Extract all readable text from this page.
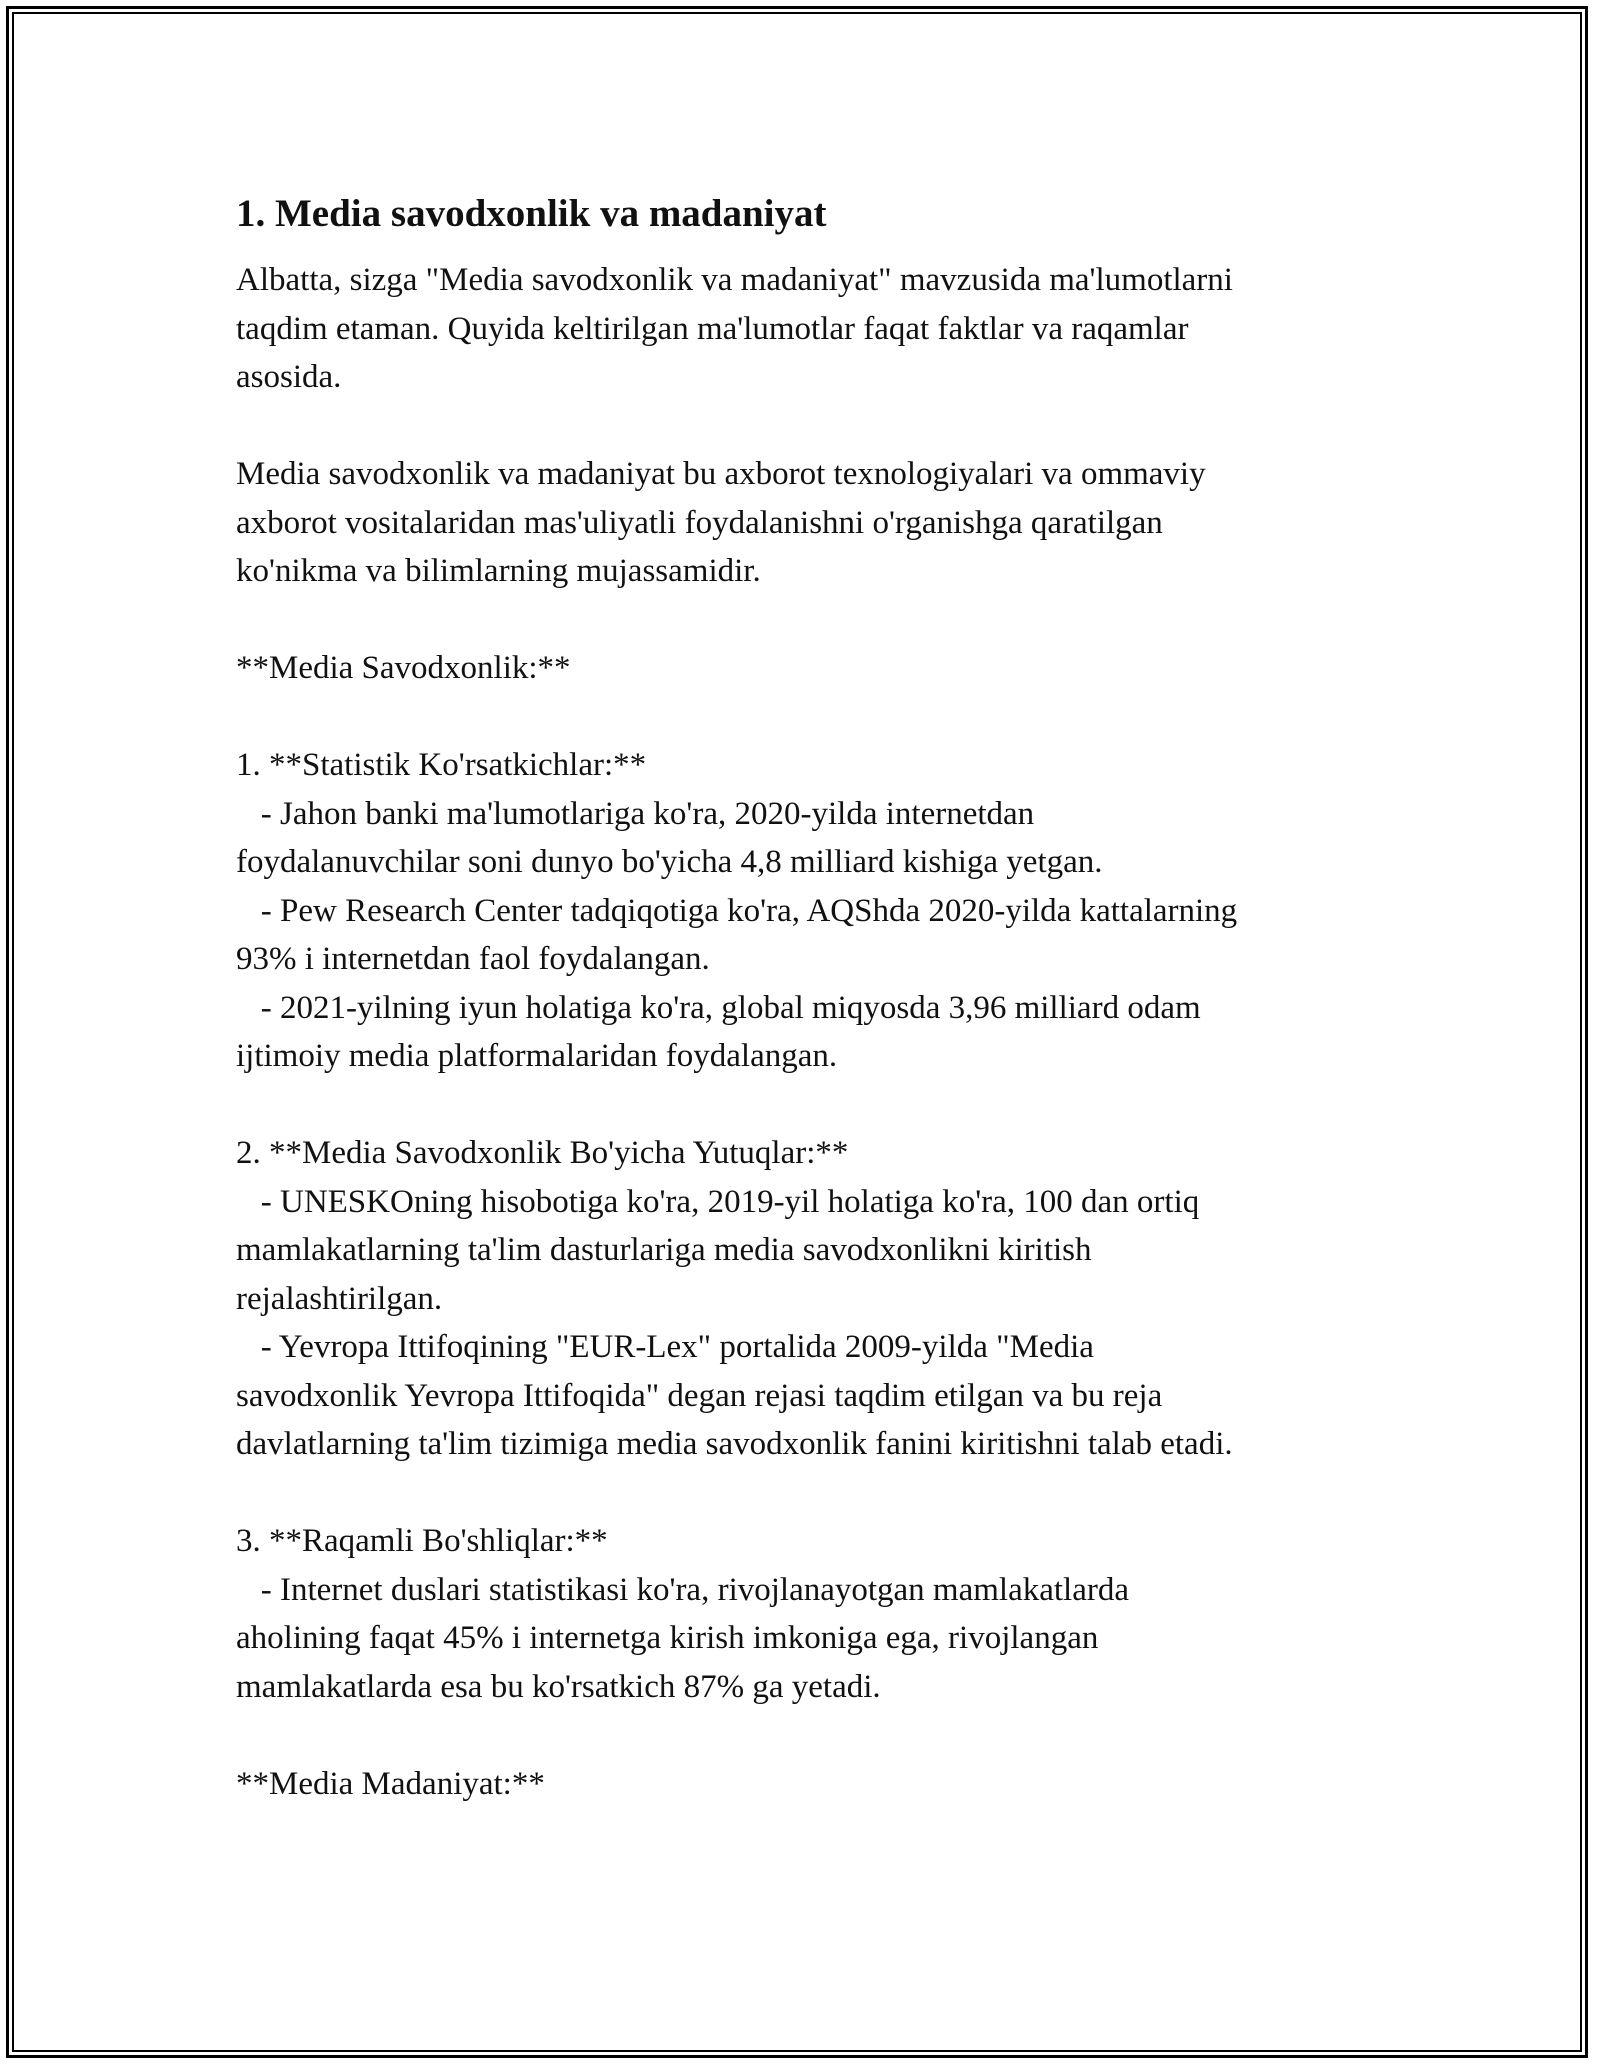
1. Media savodxonlik va madaniyat

Albatta, sizga "Media savodxonlik va madaniyat" mavzusida ma'lumotlarni
taqdim etaman. Quyida keltirilgan ma'lumotlar faqat faktlar va raqamlar
asosida.

Media savodxonlik va madaniyat bu axborot texnologiyalari va ommaviy
axborot vositalaridan mas'uliyatli foydalanishni o'rganishga qaratilgan
ko'nikma va bilimlarning mujassamidir.

**Media Savodxonlik:**

1. **Statistik Ko'rsatkichlar:**

- Jahon banki ma'lumotlariga ko'ra, 2020-yilda internetdan
foydalanuvchilar soni dunyo bo'yicha 4,8 milliard kishiga yetgan.

- Pew Research Center tadqiqotiga ko'ra, AQShda 2020-yilda kattalarning
93% i internetdan faol foydalangan.

- 2021-yilning iyun holatiga ko'ra, global miqyosda 3,96 milliard odam
ijtimoiy media platformalaridan foydalangan.

2. **Media Savodxonlik Bo'yicha Yutuqlar:**

- UNESKOning hisobotiga ko'ra, 2019-yil holatiga ko'ra, 100 dan ortiq
mamlakatlarning ta'lim dasturlariga media savodxonlikni kiritish
rejalashtirilgan.

- Yevropa Ittifoqining "EUR-Lex" portalida 2009-yilda "Media
savodxonlik Yevropa Ittifoqida" degan rejasi taqdim etilgan va bu reja
davlatlarning ta'lim tizimiga media savodxonlik fanini kiritishni talab etadi.

3. **Raqamli Bo'shliqlar:**

- Internet duslari statistikasi ko'ra, rivojlanayotgan mamlakatlarda
aholining faqat 45% i internetga kirish imkoniga ega, rivojlangan
mamlakatlarda esa bu ko'rsatkich 87% ga yetadi.

**Media Madaniyat:**
